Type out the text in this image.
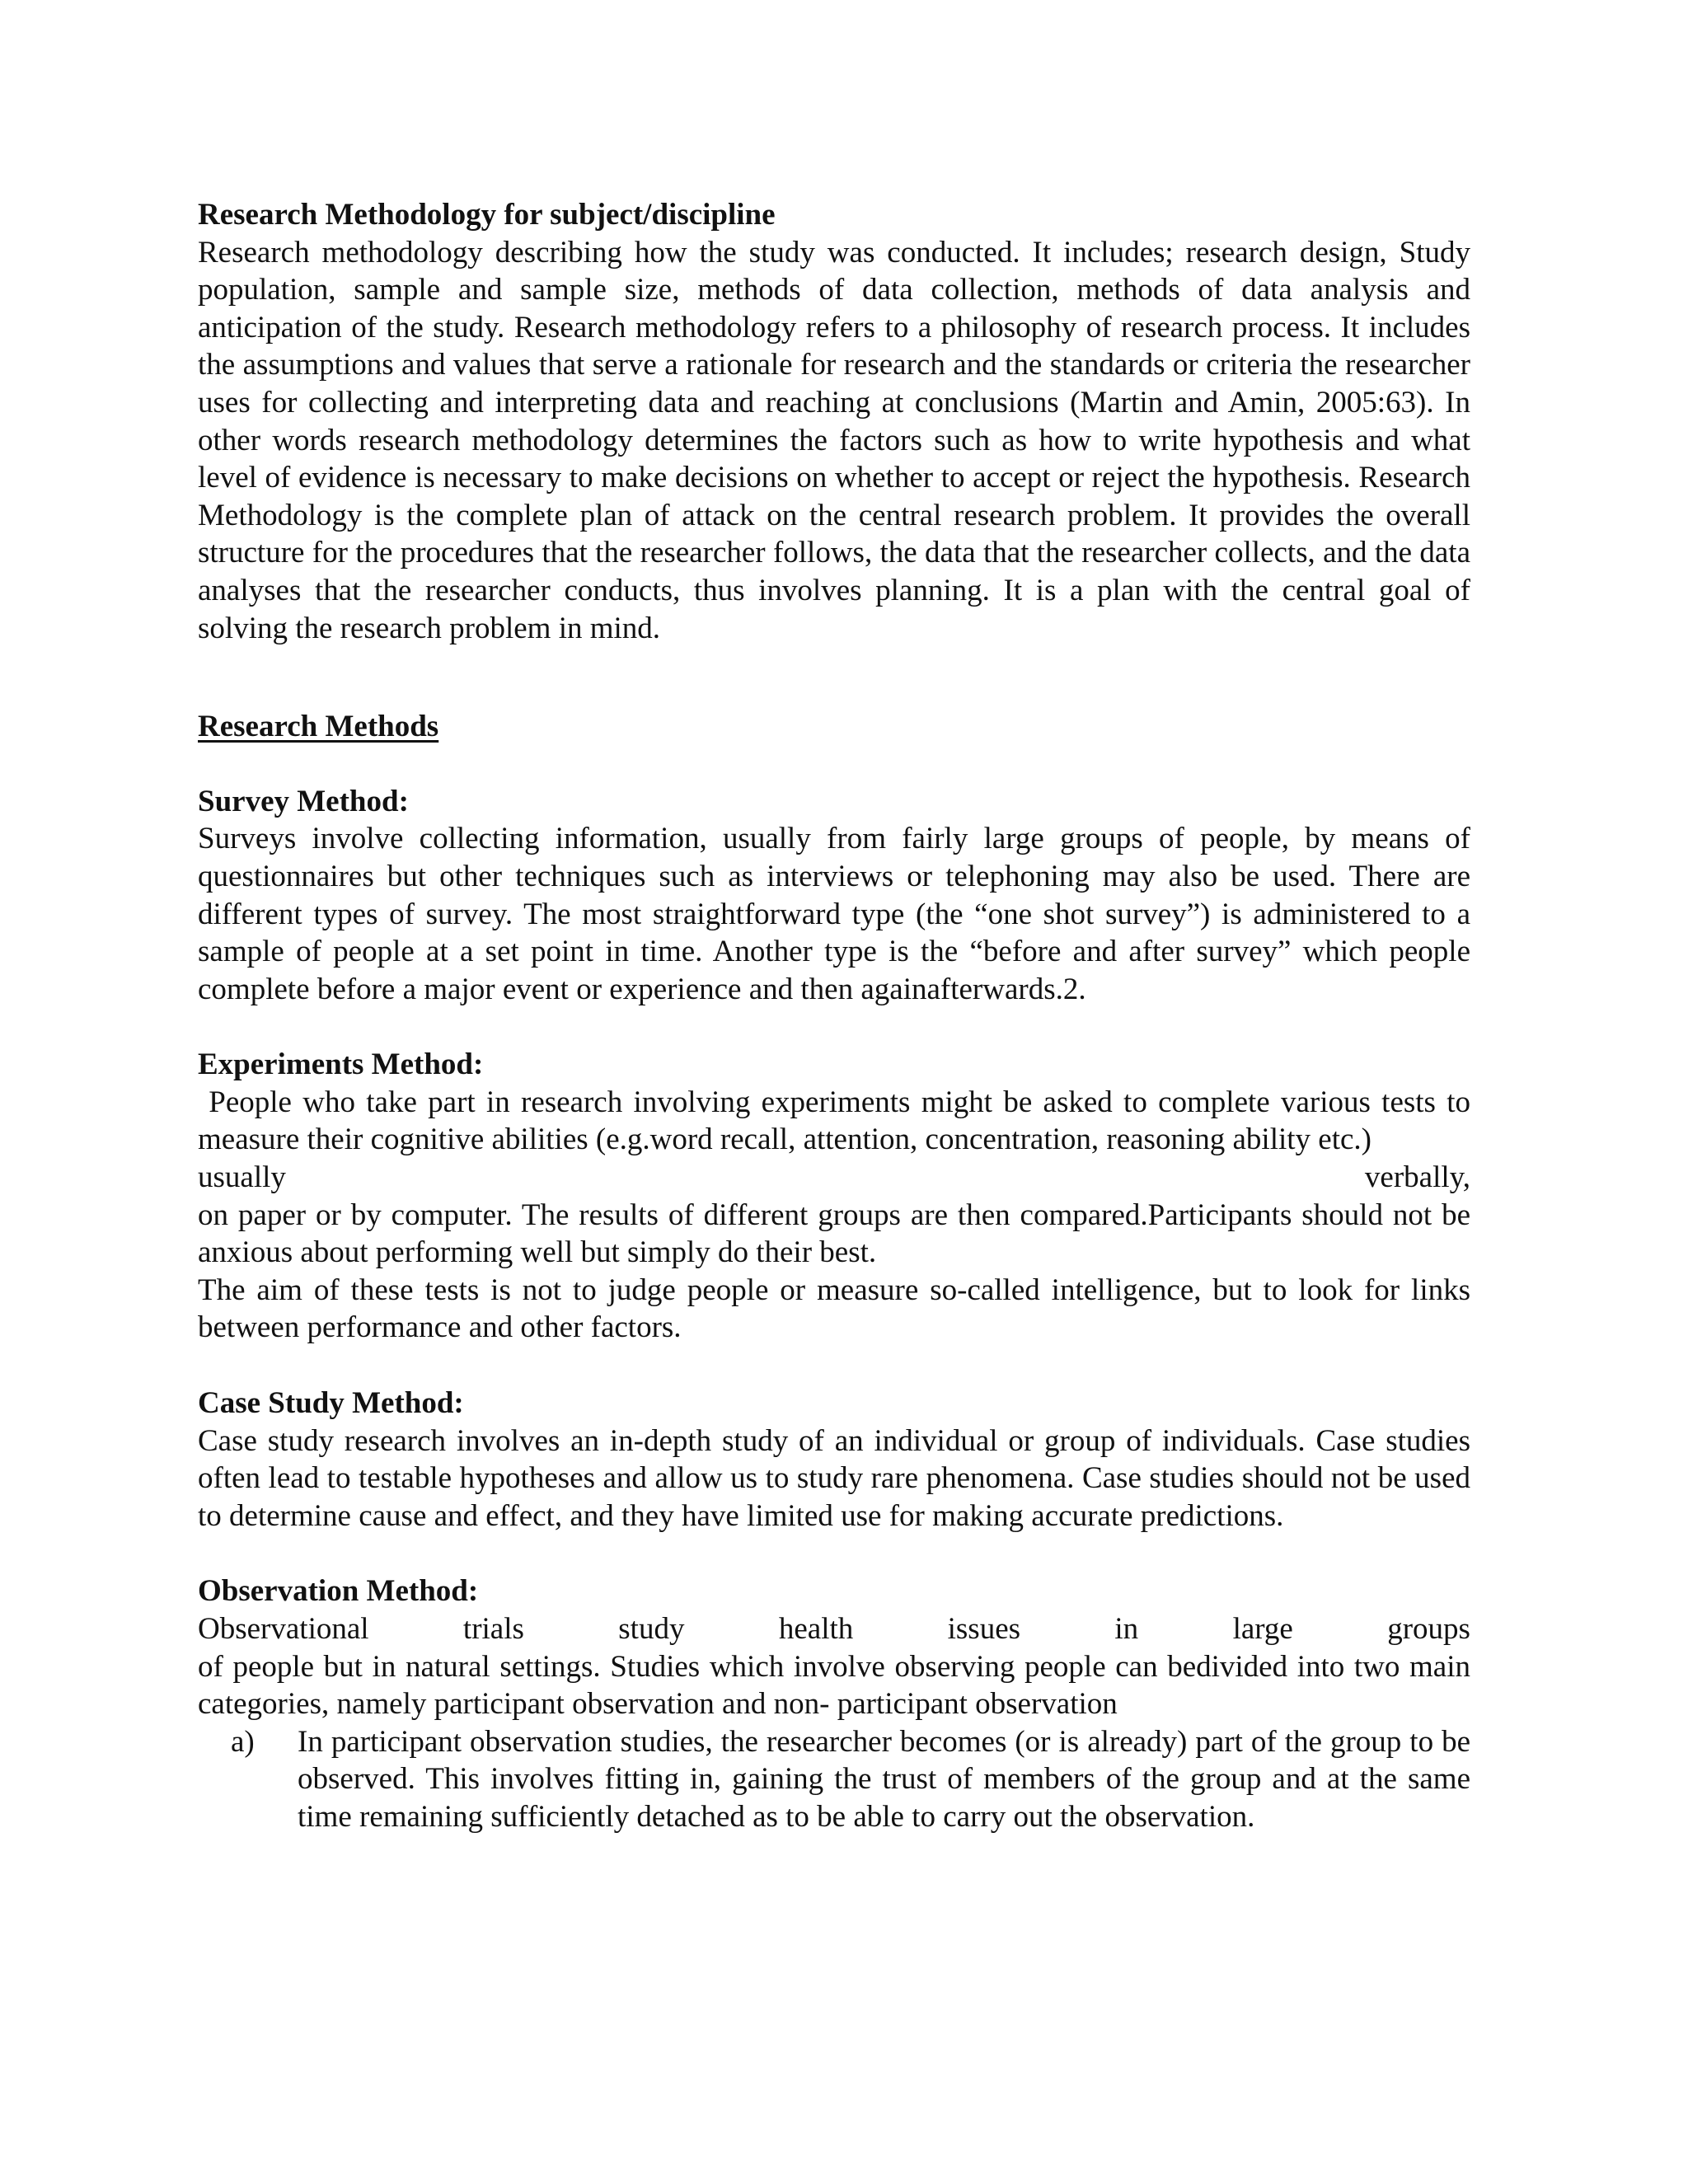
Research Methodology for subject/discipline

Research methodology describing how the study was conducted. It includes; research design, Study population, sample and sample size, methods of data collection, methods of data analysis and anticipation of the study. Research methodology refers to a philosophy of research process. It includes the assumptions and values that serve a rationale for research and the standards or criteria the researcher uses for collecting and interpreting data and reaching at conclusions (Martin and Amin, 2005:63). In other words research methodology determines the factors such as how to write hypothesis and what level of evidence is necessary to make decisions on whether to accept or reject the hypothesis. Research Methodology is the complete plan of attack on the central research problem. It provides the overall structure for the procedures that the researcher follows, the data that the researcher collects, and the data analyses that the researcher conducts, thus involves planning. It is a plan with the central goal of solving the research problem in mind.

Research Methods
Survey Method:

Surveys involve collecting information, usually from fairly large groups of people, by means of questionnaires but other techniques such as interviews or telephoning may also be used. There are different types of survey. The most straightforward type (the “one shot survey”) is administered to a sample of people at a set point in time. Another type is the “before and after survey” which people complete before a major event or experience and then againafterwards.2.

Experiments Method:

People who take part in research involving experiments might be asked to complete various tests to measure their cognitive abilities (e.g.word recall, attention, concentration, reasoning ability etc.)

usually	verbally,

on paper or by computer. The results of different groups are then compared.Participants should not be anxious about performing well but simply do their best.

The aim of these tests is not to judge people or measure so-called intelligence, but to look for links between performance and other factors.

Case Study Method:

Case study research involves an in-depth study of an individual or group of individuals. Case studies often lead to testable hypotheses and allow us to study rare phenomena. Case studies should not be used to determine cause and effect, and they have limited use for making accurate predictions.

Observation Method:
Observational	trials	study	health	issues	in	large	groups

of people but in natural settings. Studies which involve observing people can bedivided into two main categories, namely participant observation and non- participant observation

a)	In participant observation studies, the researcher becomes (or is already) part of the group to be observed. This involves fitting in, gaining the trust of members of the group and at the same time remaining sufficiently detached as to be able to carry out the observation.
